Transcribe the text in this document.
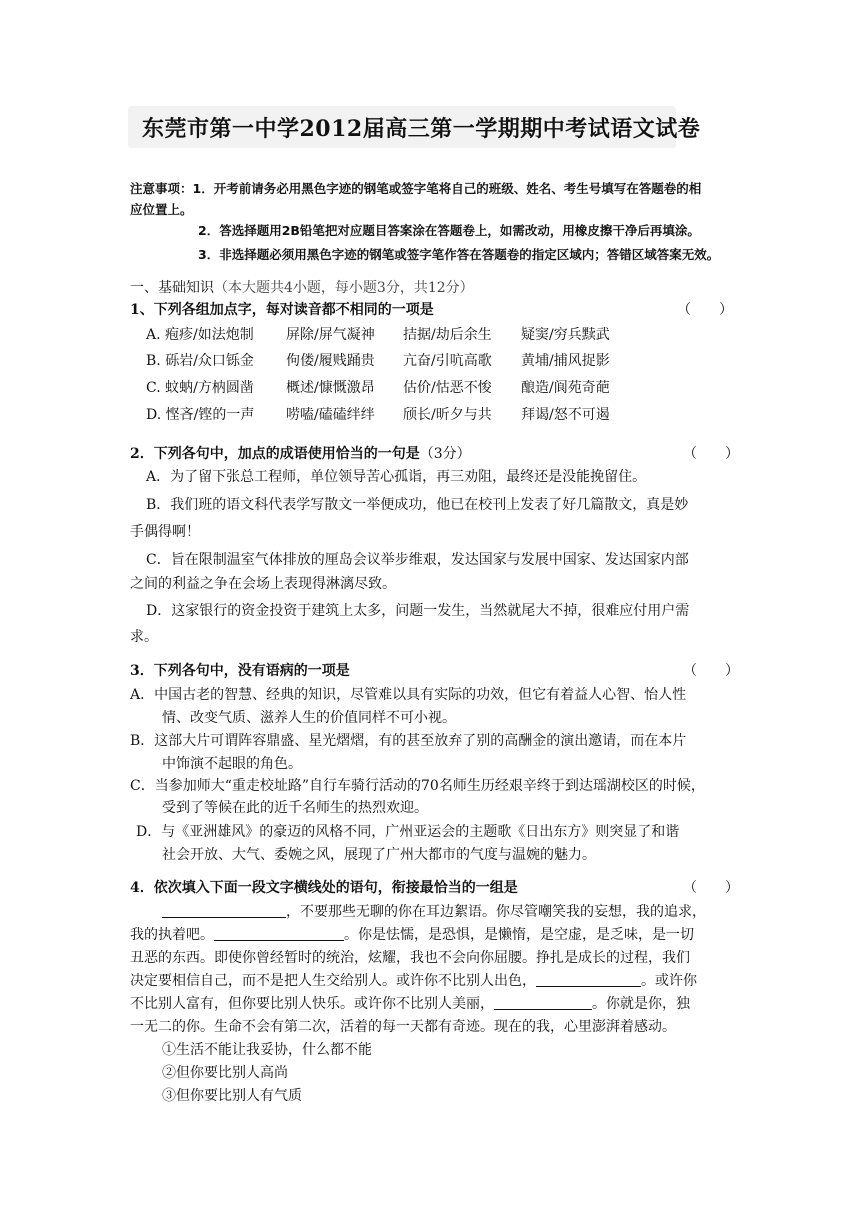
东莞市第一中学2012届高三第一学期期中考试语文试卷
注意事项：1．开考前请务必用黑色字迹的钢笔或签字笔将自己的班级、姓名、考生号填写在答题卷的相
应位置上。
2．答选择题用2B铅笔把对应题目答案涂在答题卷上，如需改动，用橡皮擦干净后再填涂。
3．非选择题必须用黑色字迹的钢笔或签字笔作答在答题卷的指定区域内；答错区域答案无效。
一、基础知识（本大题共4小题，每小题3分，共12分）
1、下列各组加点字，每对读音都不相同的一项是	（　　）
A. 疱疹/如法炮制 屏除/屏气凝神 拮据/劫后余生 疑窦/穷兵黩武
B. 砾岩/众口铄金 佝偻/履贱踊贵 亢奋/引吭高歌 黄埔/捕风捉影
C. 蚊蚋/方枘圆凿 概述/慷慨激昂 估价/怙恶不悛 酿造/阆苑奇葩
D. 悭吝/铿的一声 唠嗑/磕磕绊绊 颀长/昕夕与共 拜谒/怒不可遏
2．下列各句中，加点的成语使用恰当的一句是（3分）	（　　）
A．为了留下张总工程师，单位领导苦心孤诣，再三劝阻，最终还是没能挽留住。
B．我们班的语文科代表学写散文一举便成功，他已在校刊上发表了好几篇散文，真是妙
手偶得啊！
C．旨在限制温室气体排放的厘岛会议举步维艰，发达国家与发展中国家、发达国家内部
之间的利益之争在会场上表现得淋漓尽致。
D．这家银行的资金投资于建筑上太多，问题一发生，当然就尾大不掉，很难应付用户需
求。
3．下列各句中，没有语病的一项是	（　　）
A．中国古老的智慧、经典的知识，尽管难以具有实际的功效，但它有着益人心智、怡人性
情、改变气质、滋养人生的价值同样不可小视。
B．这部大片可谓阵容鼎盛、星光熠熠，有的甚至放弃了别的高酬金的演出邀请，而在本片
中饰演不起眼的角色。
C．当参加师大“重走校址路”自行车骑行活动的70名师生历经艰辛终于到达瑶湖校区的时候，
受到了等候在此的近千名师生的热烈欢迎。
D．与《亚洲雄风》的豪迈的风格不同，广州亚运会的主题歌《日出东方》则突显了和谐
社会开放、大气、委婉之风，展现了广州大都市的气度与温婉的魅力。
4．依次填入下面一段文字横线处的语句，衔接最恰当的一组是	（　　）
，不要那些无聊的你在耳边絮语。你尽管嘲笑我的妄想，我的追求，
我的执着吧。	。你是怯懦，是恐惧，是懒惰，是空虚，是乏味，是一切
丑恶的东西。即使你曾经暂时的统治，炫耀，我也不会向你屈腰。挣扎是成长的过程，我们
决定要相信自己，而不是把人生交给别人。或许你不比别人出色，	。或许你
不比别人富有，但你要比别人快乐。或许你不比别人美丽，	。你就是你，独
一无二的你。生命不会有第二次，活着的每一天都有奇迹。现在的我，心里澎湃着感动。
①生活不能让我妥协，什么都不能
②但你要比别人高尚
③但你要比别人有气质
